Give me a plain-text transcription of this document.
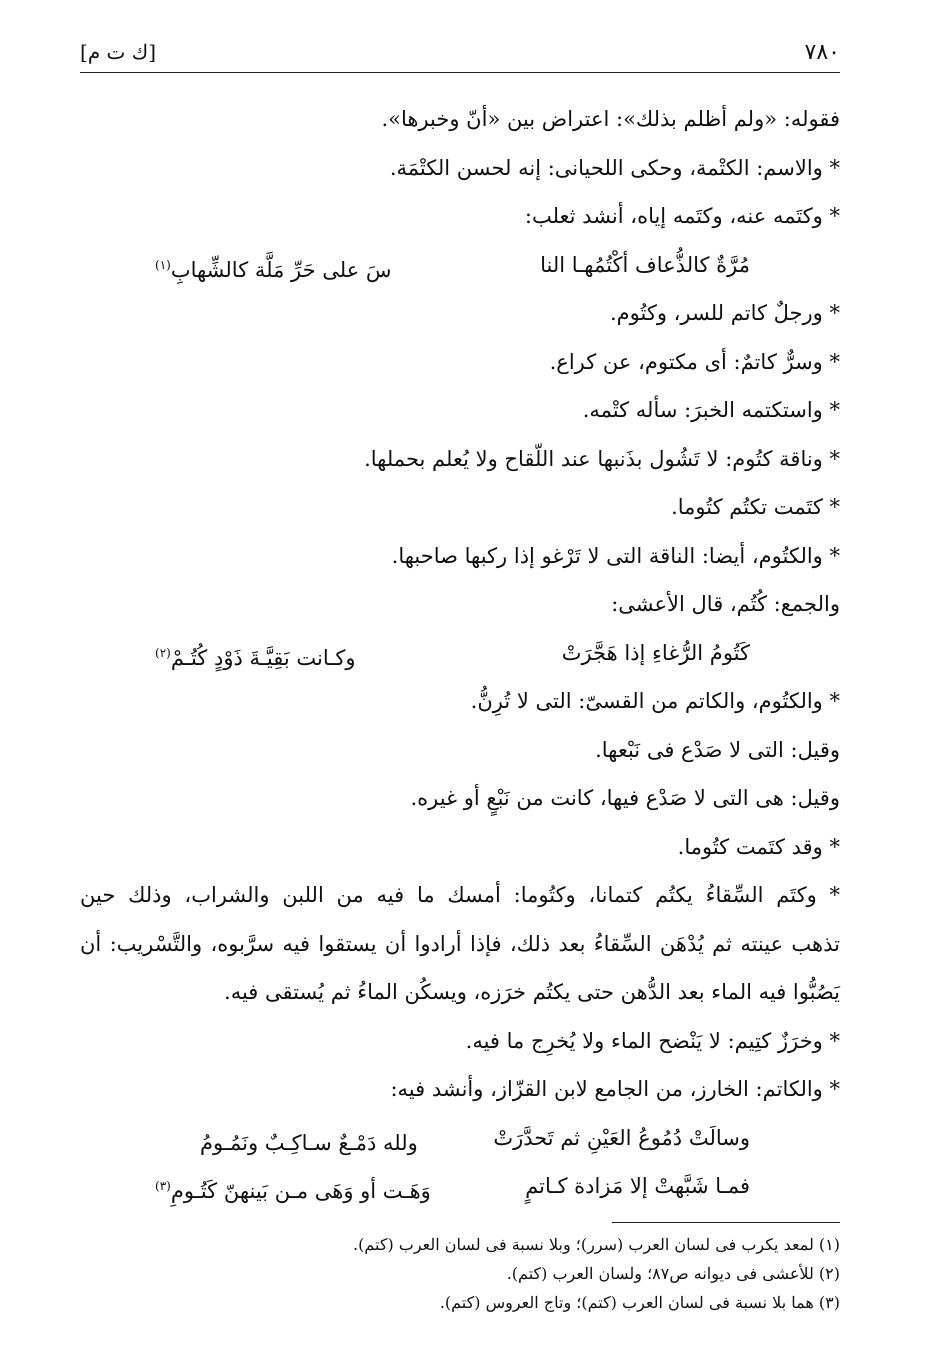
٧٨٠
[ك ت م]
فقوله: «ولم أظلم بذلك»: اعتراض بين «أنّ وخبرها».
* والاسم: الكتْمة، وحكى اللحيانى: إنه لحسن الكتْمَة.
* وكتَمه عنه، وكتَمه إياه، أنشد ثعلب:
مُرَّةٌ كالذُّعاف أكْتُمُهـا النا
سَ على حَرِّ مَلَّة كالشِّهابِ$^{(١)}$
* ورجلٌ كاتم للسر، وكتُوم.
* وسرٌّ كاتمٌ: أى مكتوم، عن كراع.
* واستكتمه الخبرَ: سأله كتْمه.
* وناقة كتُوم: لا تَشُول بذَنبها عند اللّقاح ولا يُعلم بحملها.
* كتَمت تكتُم كتُوما.
* والكتُوم، أيضا: الناقة التى لا تَرْغو إذا ركبها صاحبها.
والجمع: كُتُم، قال الأعشى:
كَتُومُ الرُّغاءِ إذا هَجَّرَتْ
وكـانت بَقِيَّـةَ ذَوْدٍ كُتُـمْ$^{(٢)}$
* والكتُوم، والكاتم من القسىّ: التى لا تُرِنُّ.
وقيل: التى لا صَدْع فى نَبْعها.
وقيل: هى التى لا صَدْع فيها، كانت من نَبْعٍ أو غيره.
* وقد كتَمت كتُوما.
* وكتَم السِّقاءُ يكتُم كتمانا، وكتُوما: أمسك ما فيه من اللبن والشراب، وذلك حين
تذهب عينته ثم يُدْهَن السِّقاءُ بعد ذلك، فإذا أرادوا أن يستقوا فيه سرَّبوه، والتَّسْريب: أن
يَصُبُّوا فيه الماء بعد الدُّهن حتى يكتُم خرَزه، ويسكُن الماءُ ثم يُستقى فيه.
* وخرَزٌ كتِيم: لا يَنْضح الماء ولا يُخرِج ما فيه.
* والكاتم: الخارز، من الجامع لابن القزّاز، وأنشد فيه:
وسالَتْ دُمُوعُ العَيْنِ ثم تَحدَّرَتْ
ولله دَمْـعٌ سـاكِـبٌ ونَمُـومُ
فمـا شَبَّهتْ إلا مَزادة كـاتمٍ
وَهَـت أو وَهَى مـن بَينهنّ كَتُـومِ$^{(٣)}$
(١) لمعد يكرب فى لسان العرب (سرر)؛ وبلا نسبة فى لسان العرب (كتم).
(٢) للأعشى فى ديوانه ص٨٧؛ ولسان العرب (كتم).
(٣) هما بلا نسبة فى لسان العرب (كتم)؛ وتاج العروس (كتم).
